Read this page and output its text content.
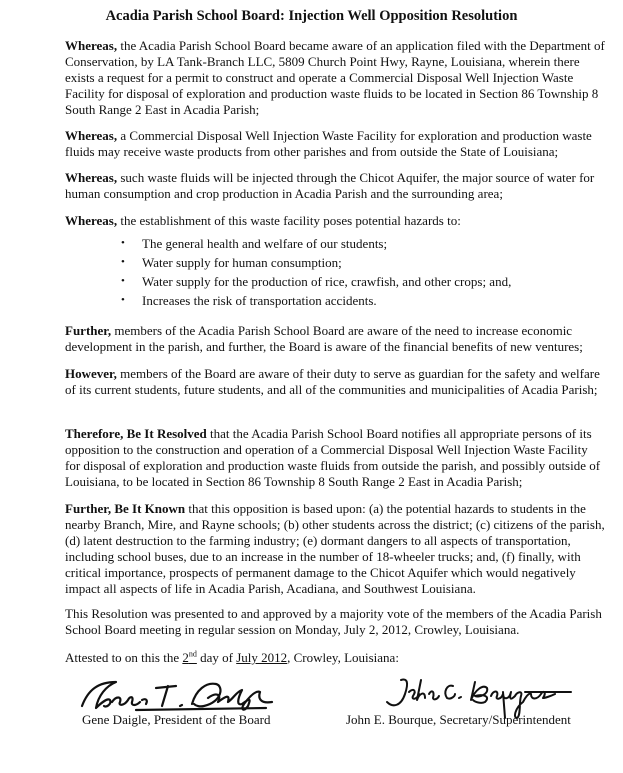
Acadia Parish School Board: Injection Well Opposition Resolution

Whereas, the Acadia Parish School Board became aware of an application filed with the Department of Conservation, by LA Tank-Branch LLC, 5809 Church Point Hwy, Rayne, Louisiana, wherein there exists a request for a permit to construct and operate a Commercial Disposal Well Injection Waste Facility for disposal of exploration and production waste fluids to be located in Section 86 Township 8 South Range 2 East in Acadia Parish;

Whereas, a Commercial Disposal Well Injection Waste Facility for exploration and production waste fluids may receive waste products from other parishes and from outside the State of Louisiana;

Whereas, such waste fluids will be injected through the Chicot Aquifer, the major source of water for human consumption and crop production in Acadia Parish and the surrounding area;

Whereas, the establishment of this waste facility poses potential hazards to:

• The general health and welfare of our students;
• Water supply for human consumption;
• Water supply for the production of rice, crawfish, and other crops; and,
• Increases the risk of transportation accidents.

Further, members of the Acadia Parish School Board are aware of the need to increase economic development in the parish, and further, the Board is aware of the financial benefits of new ventures;

However, members of the Board are aware of their duty to serve as guardian for the safety and welfare of its current students, future students, and all of the communities and municipalities of Acadia Parish;

Therefore, Be It Resolved that the Acadia Parish School Board notifies all appropriate persons of its opposition to the construction and operation of a Commercial Disposal Well Injection Waste Facility for disposal of exploration and production waste fluids from outside the parish, and possibly outside of Louisiana, to be located in Section 86 Township 8 South Range 2 East in Acadia Parish;

Further, Be It Known that this opposition is based upon: (a) the potential hazards to students in the nearby Branch, Mire, and Rayne schools; (b) other students across the district; (c) citizens of the parish, (d) latent destruction to the farming industry; (e) dormant dangers to all aspects of transportation, including school buses, due to an increase in the number of 18-wheeler trucks; and, (f) finally, with critical importance, prospects of permanent damage to the Chicot Aquifer which would negatively impact all aspects of life in Acadia Parish, Acadiana, and Southwest Louisiana.

This Resolution was presented to and approved by a majority vote of the members of the Acadia Parish School Board meeting in regular session on Monday, July 2, 2012, Crowley, Louisiana.

Attested to on this the 2nd day of July 2012, Crowley, Louisiana:

Gene Daigle, President of the Board	John E. Bourque, Secretary/Superintendent
